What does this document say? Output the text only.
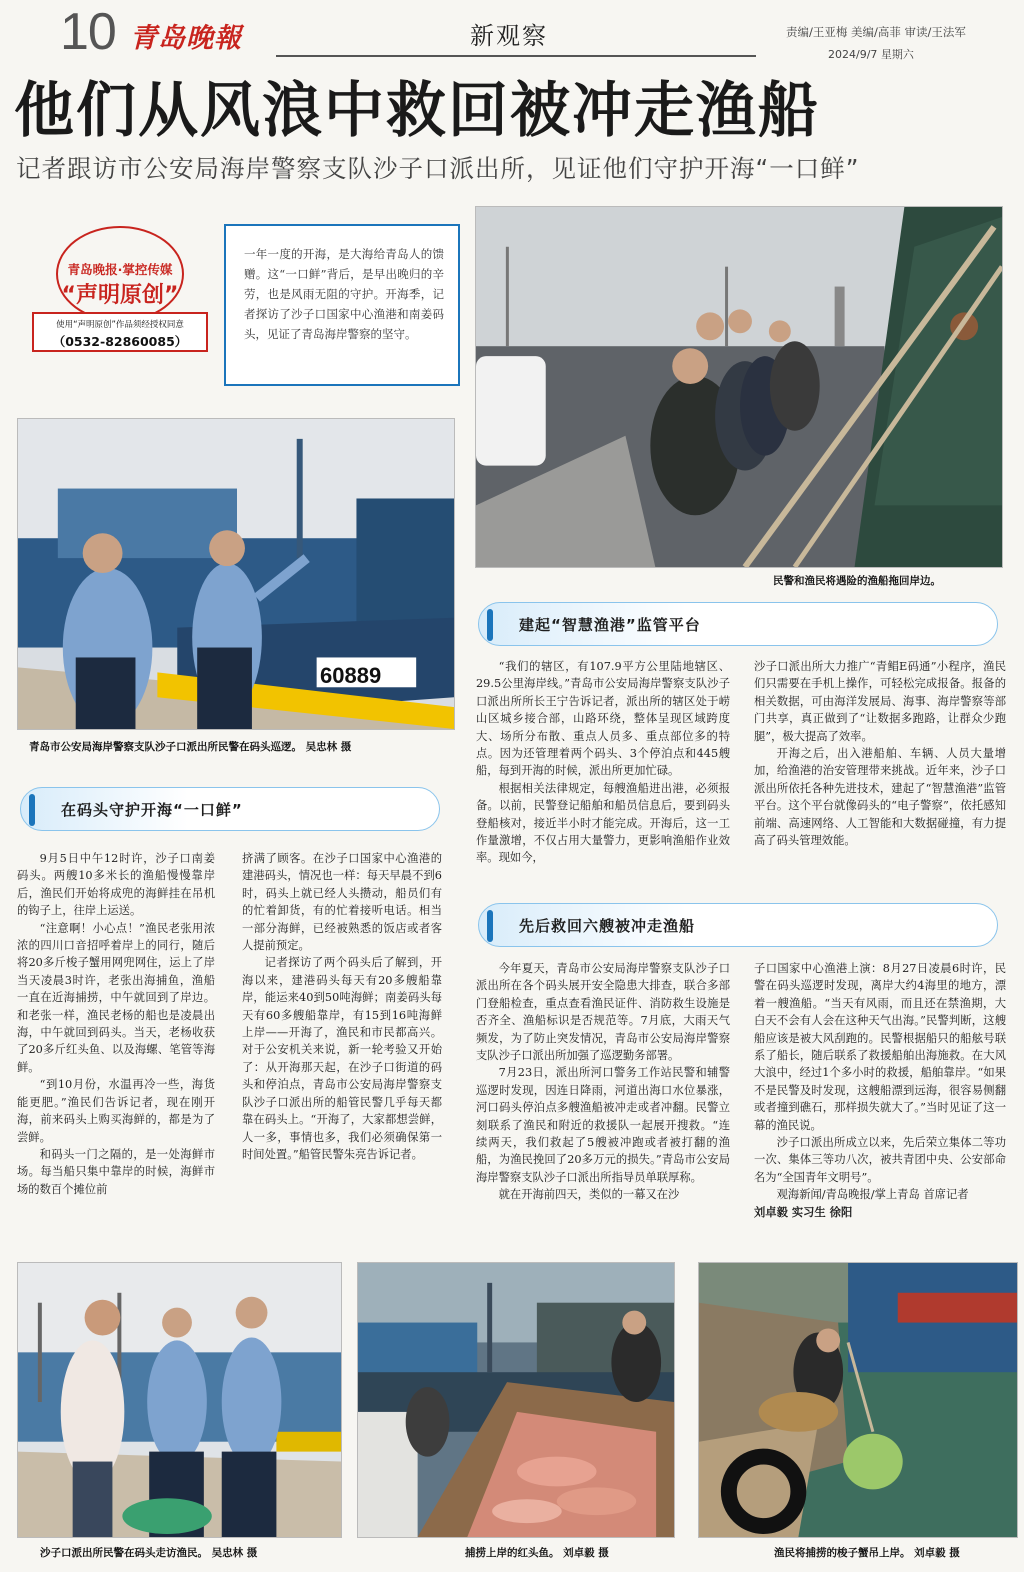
10 青岛晚報	新观察	责编/王亚梅 美编/高菲 审读/王法军
2024/9/7 星期六
他们从风浪中救回被冲走渔船
记者跟访市公安局海岸警察支队沙子口派出所，见证他们守护开海“一口鲜”
青岛晚报·掌控传媒
“声明原创”
使用“声明原创”作品须经授权同意
（0532-82860085）
一年一度的开海，是大海给青岛人的馈赠。这“一口鲜”背后，是早出晚归的辛劳，也是风雨无阻的守护。开海季，记者探访了沙子口国家中心渔港和南姜码头，见证了青岛海岸警察的坚守。
民警和渔民将遇险的渔船拖回岸边。
60889
青岛市公安局海岸警察支队沙子口派出所民警在码头巡逻。 吴忠林 摄
在码头守护开海“一口鲜”

9月5日中午12时许，沙子口南姜码头。两艘10多米长的渔船慢慢靠岸后，渔民们开始将成兜的海鲜挂在吊机的钩子上，往岸上运送。

“注意啊！小心点！”渔民老张用浓浓的四川口音招呼着岸上的同行，随后将20多斤梭子蟹用网兜网住，运上了岸当天凌晨3时许，老张出海捕鱼，渔船一直在近海捕捞，中午就回到了岸边。和老张一样，渔民老杨的船也是凌晨出海，中午就回到码头。当天，老杨收获了20多斤红头鱼、以及海螺、笔管等海鲜。

“到10月份，水温再冷一些，海货能更肥。”渔民们告诉记者，现在刚开海，前来码头上购买海鲜的，都是为了尝鲜。

和码头一门之隔的，是一处海鲜市场。每当船只集中靠岸的时候，海鲜市场的数百个摊位前

挤满了顾客。在沙子口国家中心渔港的建港码头，情况也一样：每天早晨不到6时，码头上就已经人头攒动，船员们有的忙着卸货，有的忙着接听电话。相当一部分海鲜，已经被熟悉的饭店或者客人提前预定。

记者探访了两个码头后了解到，开海以来，建港码头每天有20多艘船靠岸，能运来40到50吨海鲜；南姜码头每天有60多艘船靠岸，有15到16吨海鲜上岸——开海了，渔民和市民都高兴。对于公安机关来说，新一轮考验又开始了：从开海那天起，在沙子口街道的码头和停泊点，青岛市公安局海岸警察支队沙子口派出所的船管民警几乎每天都靠在码头上。“开海了，大家都想尝鲜，人一多，事情也多，我们必须确保第一时间处置。”船管民警朱亮告诉记者。

建起“智慧渔港”监管平台

“我们的辖区，有107.9平方公里陆地辖区、29.5公里海岸线。”青岛市公安局海岸警察支队沙子口派出所所长王宁告诉记者，派出所的辖区处于崂山区城乡接合部，山路环绕，整体呈现区域跨度大、场所分布散、重点人员多、重点部位多的特点。因为还管理着两个码头、3个停泊点和445艘船，每到开海的时候，派出所更加忙碌。

根据相关法律规定，每艘渔船进出港，必须报备。以前，民警登记船舶和船员信息后，要到码头登船核对，接近半小时才能完成。开海后，这一工作量激增，不仅占用大量警力，更影响渔船作业效率。现如今，

沙子口派出所大力推广“青鲳E码通”小程序，渔民们只需要在手机上操作，可轻松完成报备。报备的相关数据，可由海洋发展局、海事、海岸警察等部门共享，真正做到了“让数据多跑路，让群众少跑腿”，极大提高了效率。

开海之后，出入港船舶、车辆、人员大量增加，给渔港的治安管理带来挑战。近年来，沙子口派出所依托各种先进技术，建起了“智慧渔港”监管平台。这个平台就像码头的“电子警察”，依托感知前端、高速网络、人工智能和大数据碰撞，有力提高了码头管理效能。

先后救回六艘被冲走渔船

今年夏天，青岛市公安局海岸警察支队沙子口派出所在各个码头展开安全隐患大排查，联合多部门登船检查，重点查看渔民证件、消防救生设施是否齐全、渔船标识是否规范等。7月底，大雨天气频发，为了防止突发情况，青岛市公安局海岸警察支队沙子口派出所加强了巡逻勤务部署。

7月23日，派出所河口警务工作站民警和辅警巡逻时发现，因连日降雨，河道出海口水位暴涨，河口码头停泊点多艘渔船被冲走或者冲翻。民警立刻联系了渔民和附近的救援队一起展开搜救。“连续两天，我们救起了5艘被冲跑或者被打翻的渔船，为渔民挽回了20多万元的损失。”青岛市公安局海岸警察支队沙子口派出所指导员单联厚称。

就在开海前四天，类似的一幕又在沙

子口国家中心渔港上演：8月27日凌晨6时许，民警在码头巡逻时发现，离岸大约4海里的地方，漂着一艘渔船。“当天有风雨，而且还在禁渔期，大白天不会有人会在这种天气出海。”民警判断，这艘船应该是被大风刮跑的。民警根据船只的船舷号联系了船长，随后联系了救援船舶出海施救。在大风大浪中，经过1个多小时的救援，船舶靠岸。“如果不是民警及时发现，这艘船漂到远海，很容易侧翻或者撞到礁石，那样损失就大了。”当时见证了这一幕的渔民说。

沙子口派出所成立以来，先后荣立集体二等功一次、集体三等功八次，被共青团中央、公安部命名为“全国青年文明号”。

观海新闻/青岛晚报/掌上青岛 首席记者
刘卓毅 实习生 徐阳

沙子口派出所民警在码头走访渔民。 吴忠林 摄	捕捞上岸的红头鱼。 刘卓毅 摄	渔民将捕捞的梭子蟹吊上岸。 刘卓毅 摄
